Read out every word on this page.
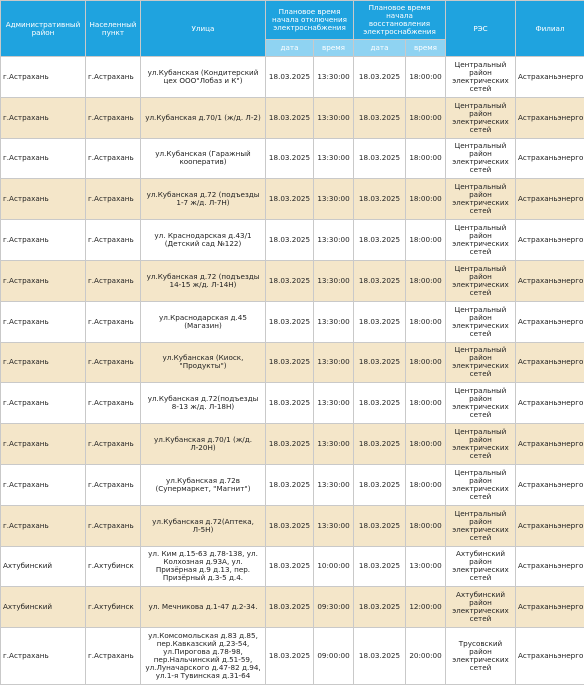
Административный район	Населенный пункт	Улица	Плановое время начала отключения электроснабжения		Плановое время начала восстановления электроснабжения		РЭС	Филиал
			дата	время	дата	время		
г.Астрахань	г.Астрахань	ул.Кубанская (Кондитерский цех ООО"Лобаз и К")	18.03.2025	13:30:00	18.03.2025	18:00:00	Центральный район электрических сетей	Астраханьэнерго
г.Астрахань	г.Астрахань	ул.Кубанская д.70/1 (ж/д. Л-2)	18.03.2025	13:30:00	18.03.2025	18:00:00	Центральный район электрических сетей	Астраханьэнерго
г.Астрахань	г.Астрахань	ул.Кубанская (Гаражный кооператив)	18.03.2025	13:30:00	18.03.2025	18:00:00	Центральный район электрических сетей	Астраханьэнерго
г.Астрахань	г.Астрахань	ул.Кубанская д.72 (подъезды 1-7 ж/д. Л-7Н)	18.03.2025	13:30:00	18.03.2025	18:00:00	Центральный район электрических сетей	Астраханьэнерго
г.Астрахань	г.Астрахань	ул. Краснодарская д.43/1 (Детский сад №122)	18.03.2025	13:30:00	18.03.2025	18:00:00	Центральный район электрических сетей	Астраханьэнерго
г.Астрахань	г.Астрахань	ул.Кубанская д.72 (подъезды 14-15 ж/д. Л-14Н)	18.03.2025	13:30:00	18.03.2025	18:00:00	Центральный район электрических сетей	Астраханьэнерго
г.Астрахань	г.Астрахань	ул.Краснодарская д.45 (Магазин)	18.03.2025	13:30:00	18.03.2025	18:00:00	Центральный район электрических сетей	Астраханьэнерго
г.Астрахань	г.Астрахань	ул.Кубанская (Киоск, "Продукты")	18.03.2025	13:30:00	18.03.2025	18:00:00	Центральный район электрических сетей	Астраханьэнерго
г.Астрахань	г.Астрахань	ул.Кубанская д.72(подъезды 8-13 ж/д. Л-18Н)	18.03.2025	13:30:00	18.03.2025	18:00:00	Центральный район электрических сетей	Астраханьэнерго
г.Астрахань	г.Астрахань	ул.Кубанская д.70/1 (ж/д. Л-20Н)	18.03.2025	13:30:00	18.03.2025	18:00:00	Центральный район электрических сетей	Астраханьэнерго
г.Астрахань	г.Астрахань	ул.Кубанская д.72в (Супермаркет, "Магнит")	18.03.2025	13:30:00	18.03.2025	18:00:00	Центральный район электрических сетей	Астраханьэнерго
г.Астрахань	г.Астрахань	ул.Кубанская д.72(Аптека, Л-5Н)	18.03.2025	13:30:00	18.03.2025	18:00:00	Центральный район электрических сетей	Астраханьэнерго
Ахтубинский	г.Ахтубинск	ул. Ким д.15-63 д.78-138, ул. Колхозная д.93А, ул. Призёрная д.9 д.13, пер. Призёрный д.3-5 д.4.	18.03.2025	10:00:00	18.03.2025	13:00:00	Ахтубинский район электрических сетей	Астраханьэнерго
Ахтубинский	г.Ахтубинск	ул. Мечникова д.1-47 д.2-34.	18.03.2025	09:30:00	18.03.2025	12:00:00	Ахтубинский район электрических сетей	Астраханьэнерго
г.Астрахань	г.Астрахань	ул.Комсомольская д.83 д.85, пер.Кавказский д.23-54, ул.Пирогова д.78-98, пер.Нальчинский д.51-59, ул.Луначарского д.47-82 д.94, ул.1-я Тувинская д.31-64	18.03.2025	09:00:00	18.03.2025	20:00:00	Трусовский район электрических сетей	Астраханьэнерго
